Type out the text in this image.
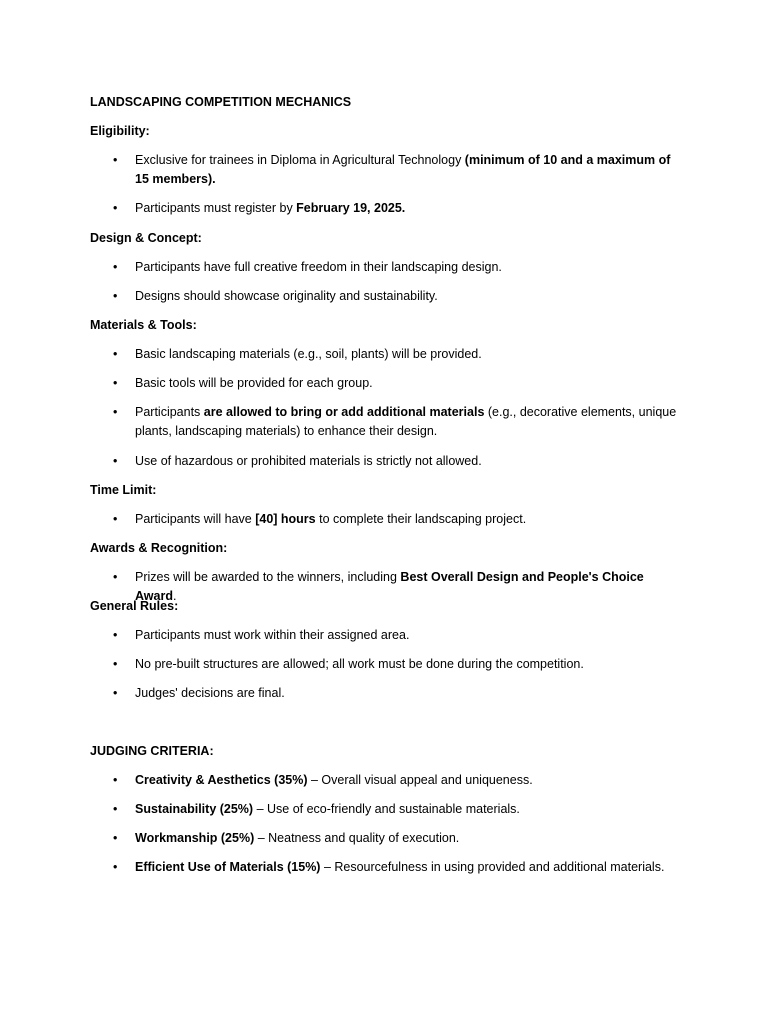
LANDSCAPING COMPETITION MECHANICS
Eligibility:
•	Exclusive for trainees in Diploma in Agricultural Technology (minimum of 10 and a maximum of 15 members).
•	Participants must register by February 19, 2025.
Design & Concept:
•	Participants have full creative freedom in their landscaping design.
•	Designs should showcase originality and sustainability.
Materials & Tools:
•	Basic landscaping materials (e.g., soil, plants) will be provided.
•	Basic tools will be provided for each group.
•	Participants are allowed to bring or add additional materials (e.g., decorative elements, unique plants, landscaping materials) to enhance their design.
•	Use of hazardous or prohibited materials is strictly not allowed.
Time Limit:
•	Participants will have [40] hours to complete their landscaping project.
Awards & Recognition:
•	Prizes will be awarded to the winners, including Best Overall Design and People's Choice Award.
General Rules:
•	Participants must work within their assigned area.
•	No pre-built structures are allowed; all work must be done during the competition.
•	Judges' decisions are final.
JUDGING CRITERIA:
•	Creativity & Aesthetics (35%) – Overall visual appeal and uniqueness.
•	Sustainability (25%) – Use of eco-friendly and sustainable materials.
•	Workmanship (25%) – Neatness and quality of execution.
•	Efficient Use of Materials (15%) – Resourcefulness in using provided and additional materials.
